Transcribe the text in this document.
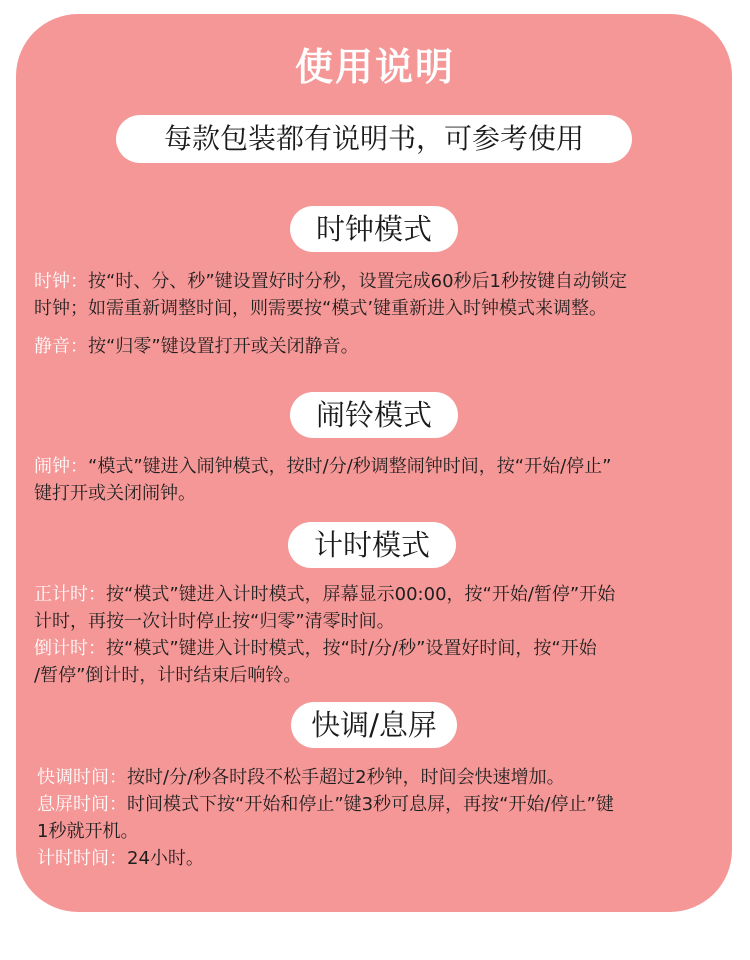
使用说明
每款包装都有说明书，可参考使用
时钟模式
时钟：按“时、分、秒”键设置好时分秒，设置完成60秒后1秒按键自动锁定
时钟；如需重新调整时间，则需要按“模式’键重新进入时钟模式来调整。
静音：按“归零”键设置打开或关闭静音。
闹铃模式
闹钟：“模式”键进入闹钟模式，按时/分/秒调整闹钟时间，按“开始/停止”
键打开或关闭闹钟。
计时模式
正计时：按“模式”键进入计时模式，屏幕显示00:00，按“开始/暂停”开始
计时，再按一次计时停止按“归零”清零时间。
倒计时：按“模式”键进入计时模式，按“时/分/秒”设置好时间，按“开始
/暂停”倒计时，计时结束后响铃。
快调/息屏
快调时间：按时/分/秒各时段不松手超过2秒钟，时间会快速增加。
息屏时间：时间模式下按“开始和停止”键3秒可息屏，再按“开始/停止”键
1秒就开机。
计时时间：24小时。
